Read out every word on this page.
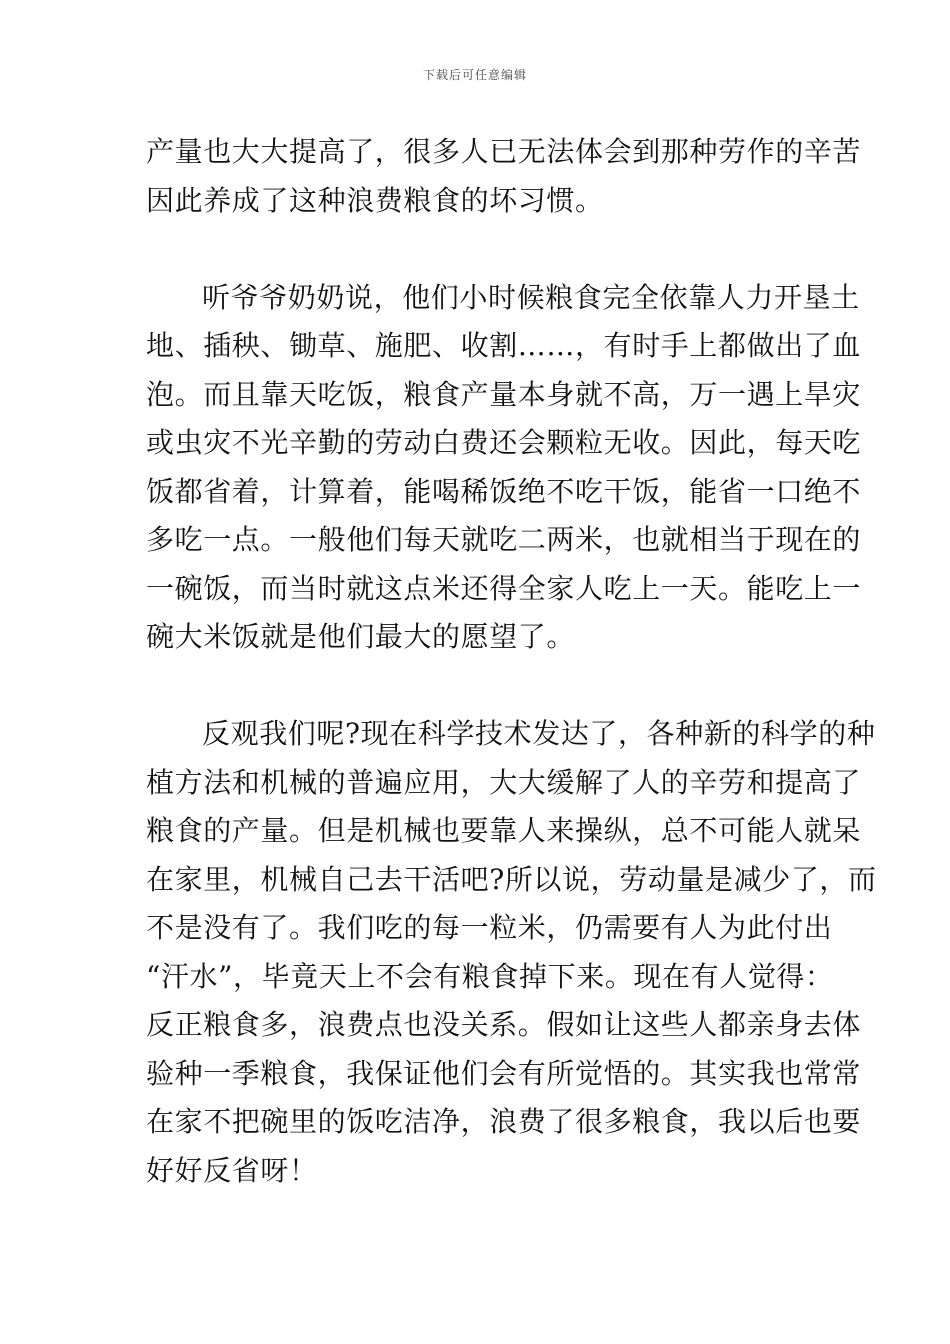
下载后可任意编辑
产量也大大提高了，很多人已无法体会到那种劳作的辛苦
因此养成了这种浪费粮食的坏习惯。
听爷爷奶奶说，他们小时候粮食完全依靠人力开垦土
地、插秧、锄草、施肥、收割……，有时手上都做出了血
泡。而且靠天吃饭，粮食产量本身就不高，万一遇上旱灾
或虫灾不光辛勤的劳动白费还会颗粒无收。因此，每天吃
饭都省着，计算着，能喝稀饭绝不吃干饭，能省一口绝不
多吃一点。一般他们每天就吃二两米，也就相当于现在的
一碗饭，而当时就这点米还得全家人吃上一天。能吃上一
碗大米饭就是他们最大的愿望了。
反观我们呢?现在科学技术发达了，各种新的科学的种
植方法和机械的普遍应用，大大缓解了人的辛劳和提高了
粮食的产量。但是机械也要靠人来操纵，总不可能人就呆
在家里，机械自己去干活吧?所以说，劳动量是减少了，而
不是没有了。我们吃的每一粒米，仍需要有人为此付出
“汗水”，毕竟天上不会有粮食掉下来。现在有人觉得：
反正粮食多，浪费点也没关系。假如让这些人都亲身去体
验种一季粮食，我保证他们会有所觉悟的。其实我也常常
在家不把碗里的饭吃洁净，浪费了很多粮食，我以后也要
好好反省呀！
